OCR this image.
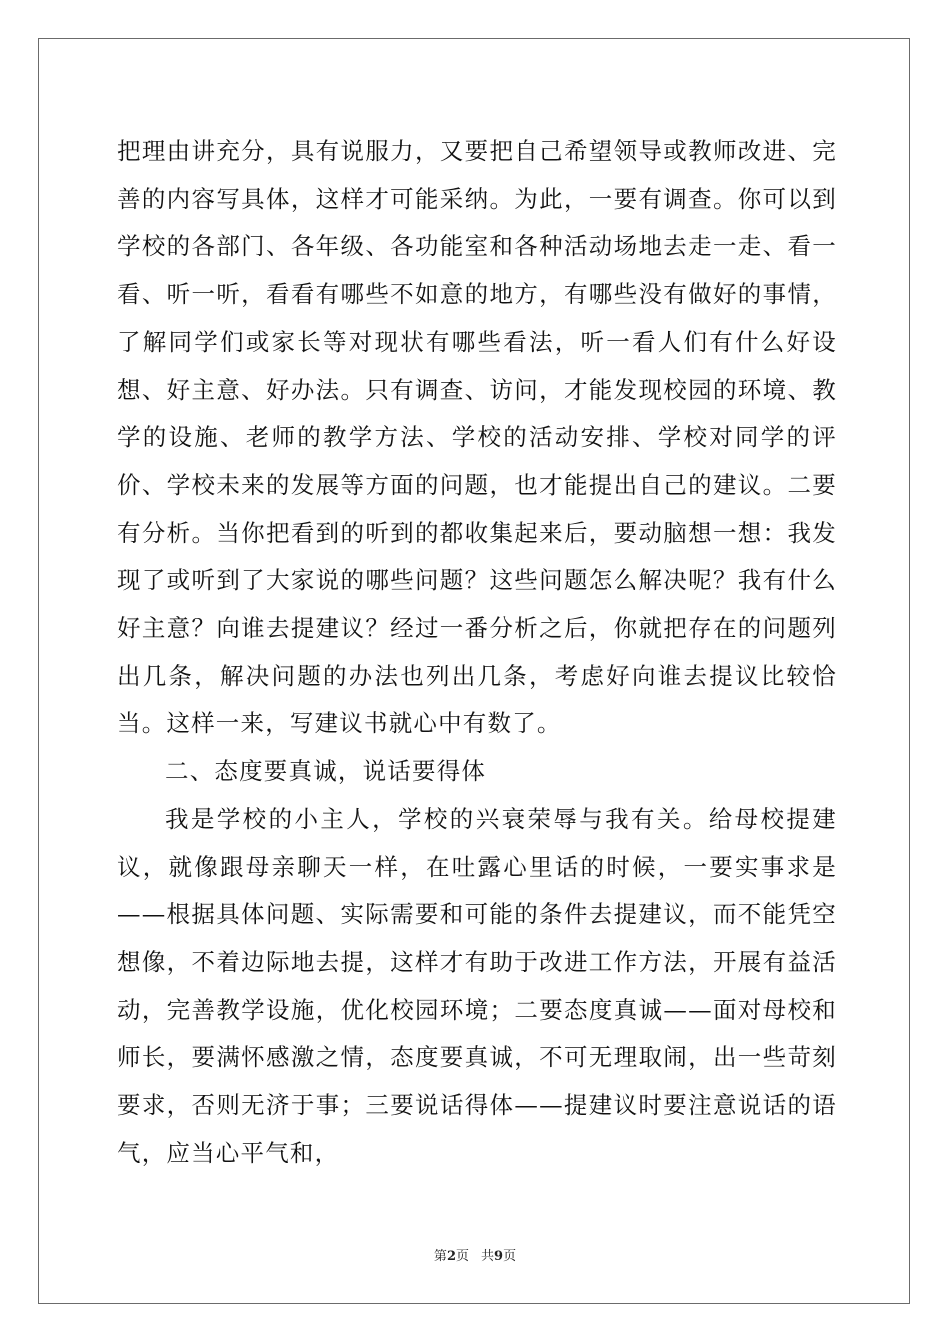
把理由讲充分，具有说服力，又要把自己希望领导或教师改进、完善的内容写具体，这样才可能采纳。为此，一要有调查。你可以到学校的各部门、各年级、各功能室和各种活动场地去走一走、看一看、听一听，看看有哪些不如意的地方，有哪些没有做好的事情，了解同学们或家长等对现状有哪些看法，听一看人们有什么好设想、好主意、好办法。只有调查、访问，才能发现校园的环境、教学的设施、老师的教学方法、学校的活动安排、学校对同学的评价、学校未来的发展等方面的问题，也才能提出自己的建议。二要有分析。当你把看到的听到的都收集起来后，要动脑想一想：我发现了或听到了大家说的哪些问题？这些问题怎么解决呢？我有什么好主意？向谁去提建议？经过一番分析之后，你就把存在的问题列出几条，解决问题的办法也列出几条，考虑好向谁去提议比较恰当。这样一来，写建议书就心中有数了。

二、态度要真诚，说话要得体

我是学校的小主人，学校的兴衰荣辱与我有关。给母校提建议，就像跟母亲聊天一样，在吐露心里话的时候，一要实事求是——根据具体问题、实际需要和可能的条件去提建议，而不能凭空想像，不着边际地去提，这样才有助于改进工作方法，开展有益活动，完善教学设施，优化校园环境；二要态度真诚——面对母校和师长，要满怀感激之情，态度要真诚，不可无理取闹，出一些苛刻要求，否则无济于事；三要说话得体——提建议时要注意说话的语气，应当心平气和，

第2页 共9页
